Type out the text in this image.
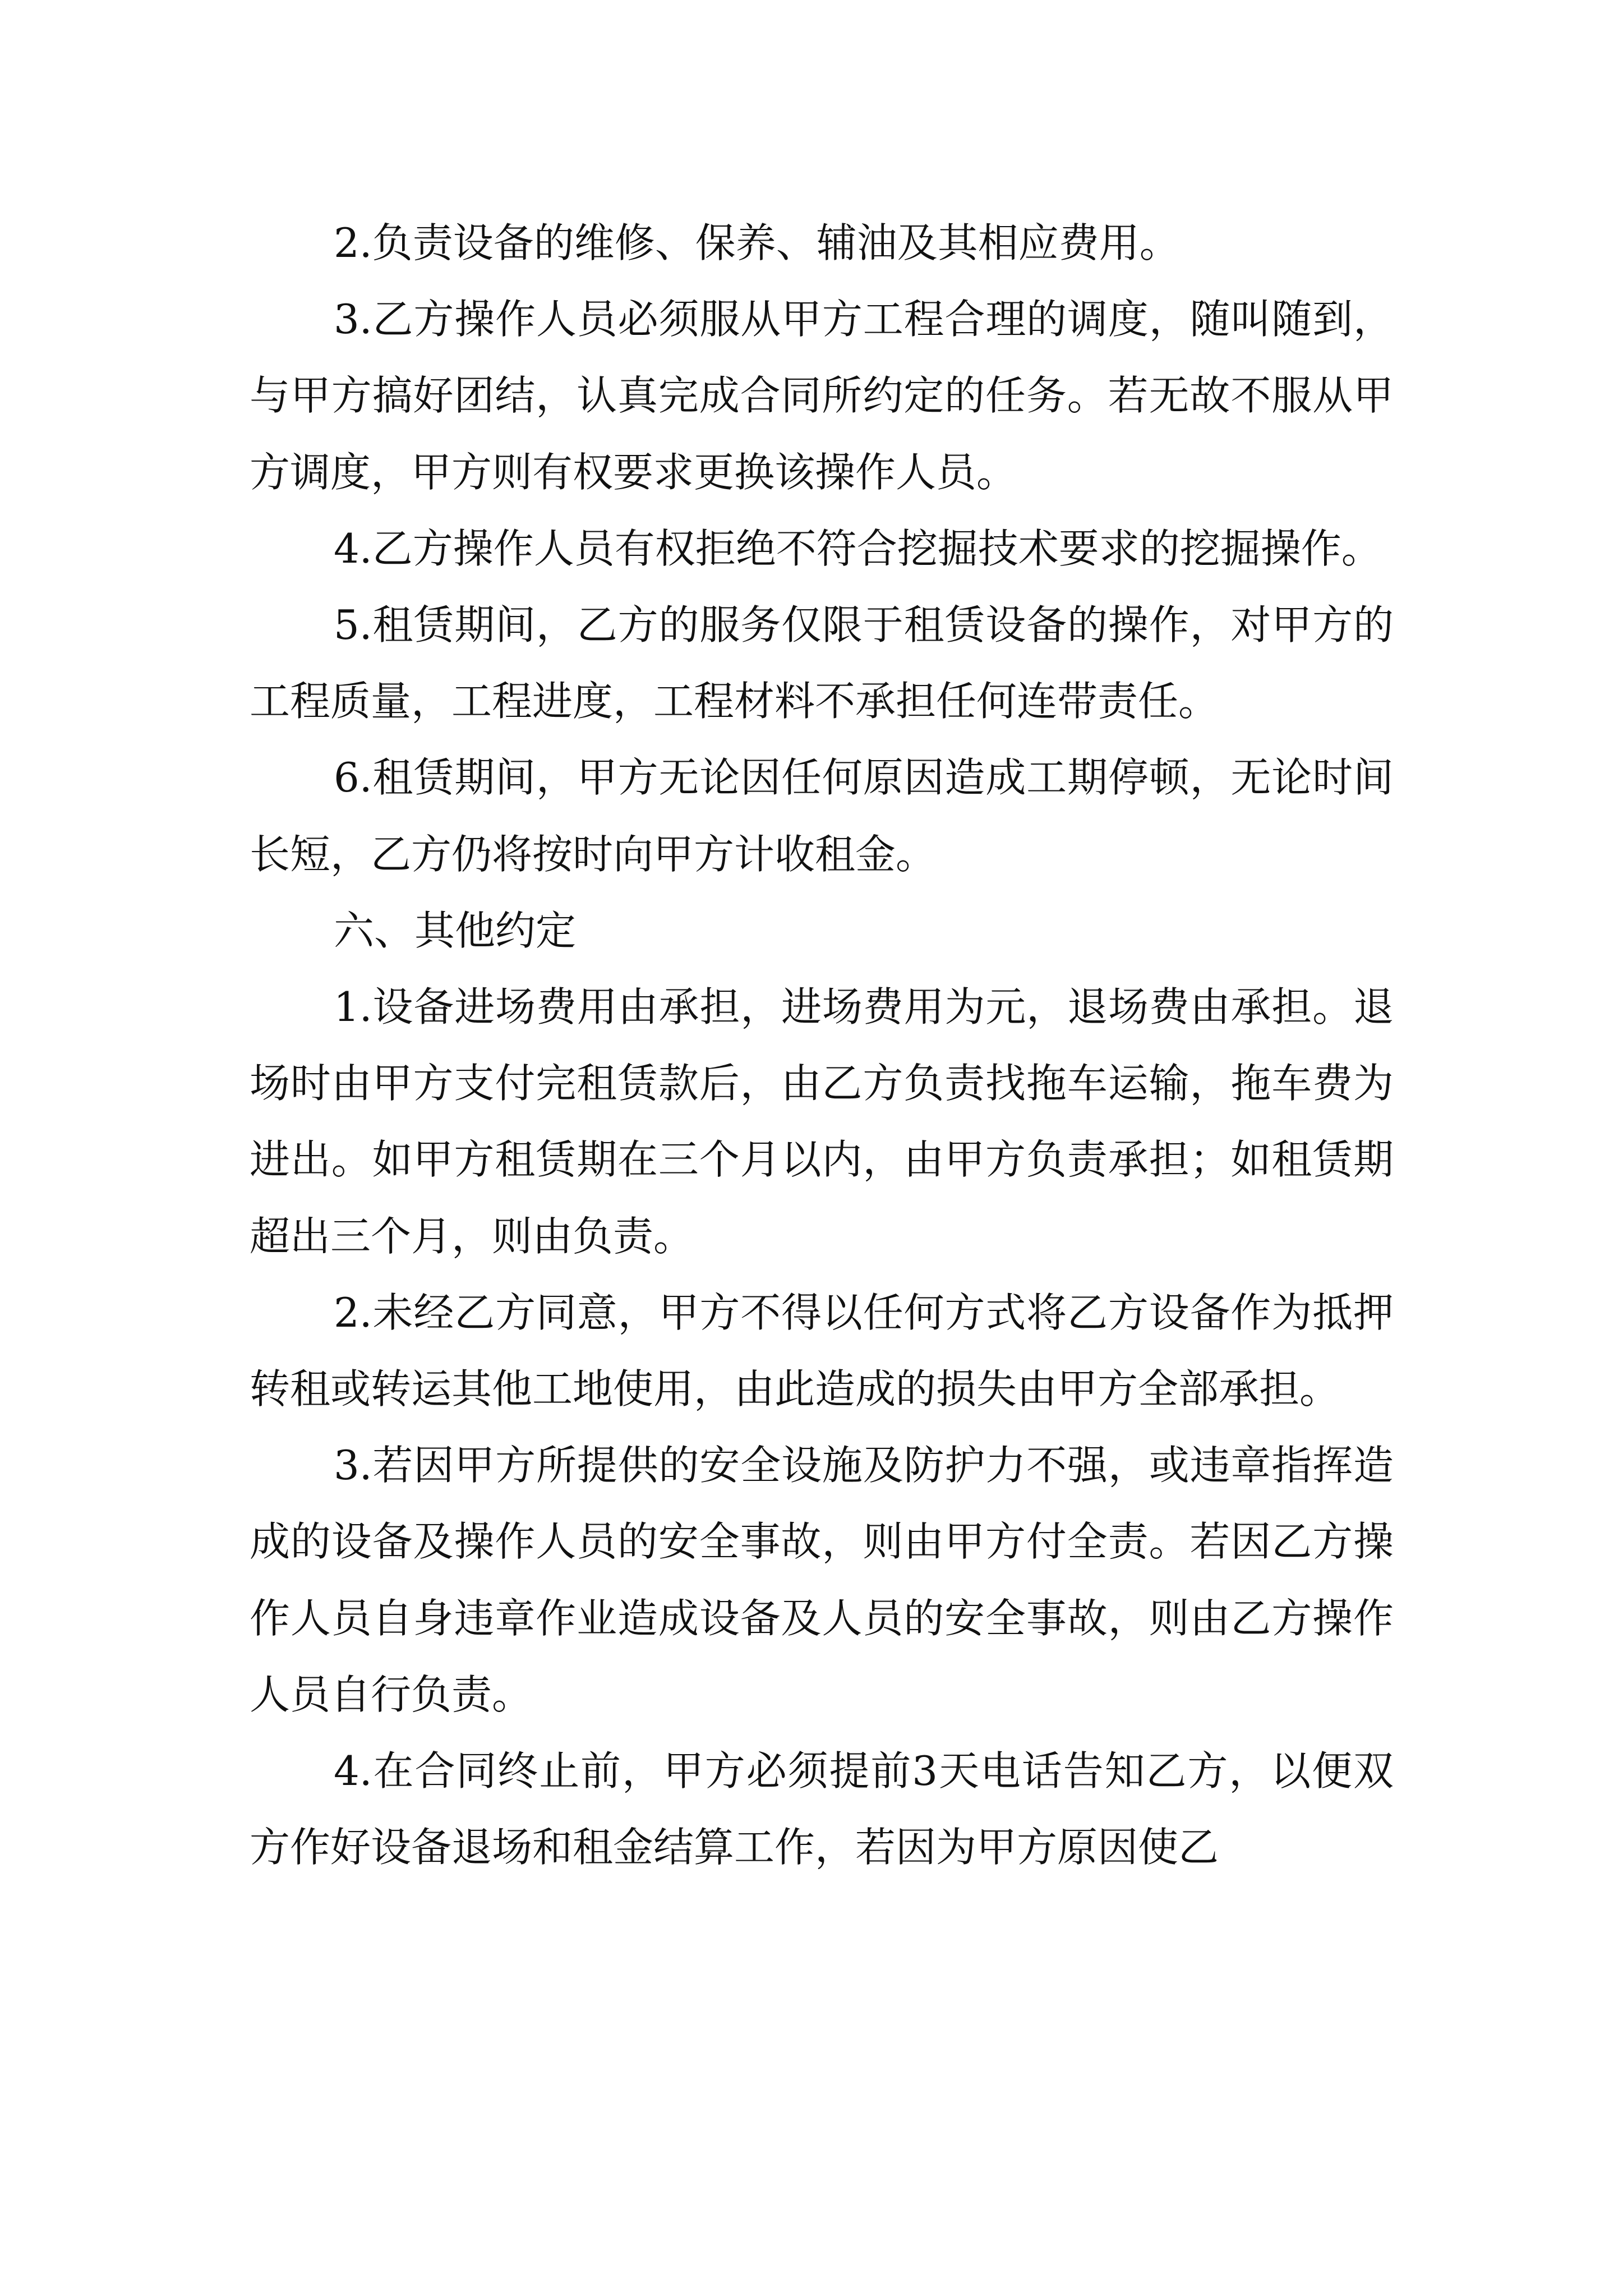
2.负责设备的维修、保养、辅油及其相应费用。

3.乙方操作人员必须服从甲方工程合理的调度，随叫随到，与甲方搞好团结，认真完成合同所约定的任务。若无故不服从甲方调度，甲方则有权要求更换该操作人员。

4.乙方操作人员有权拒绝不符合挖掘技术要求的挖掘操作。

5.租赁期间，乙方的服务仅限于租赁设备的操作，对甲方的工程质量，工程进度，工程材料不承担任何连带责任。

6.租赁期间，甲方无论因任何原因造成工期停顿，无论时间长短，乙方仍将按时向甲方计收租金。

六、其他约定

1.设备进场费用由承担，进场费用为元，退场费由承担。退场时由甲方支付完租赁款后，由乙方负责找拖车运输，拖车费为进出。如甲方租赁期在三个月以内，由甲方负责承担；如租赁期超出三个月，则由负责。

2.未经乙方同意，甲方不得以任何方式将乙方设备作为抵押转租或转运其他工地使用，由此造成的损失由甲方全部承担。

3.若因甲方所提供的安全设施及防护力不强，或违章指挥造成的设备及操作人员的安全事故，则由甲方付全责。若因乙方操作人员自身违章作业造成设备及人员的安全事故，则由乙方操作人员自行负责。

4.在合同终止前，甲方必须提前3天电话告知乙方，以便双方作好设备退场和租金结算工作，若因为甲方原因使乙
